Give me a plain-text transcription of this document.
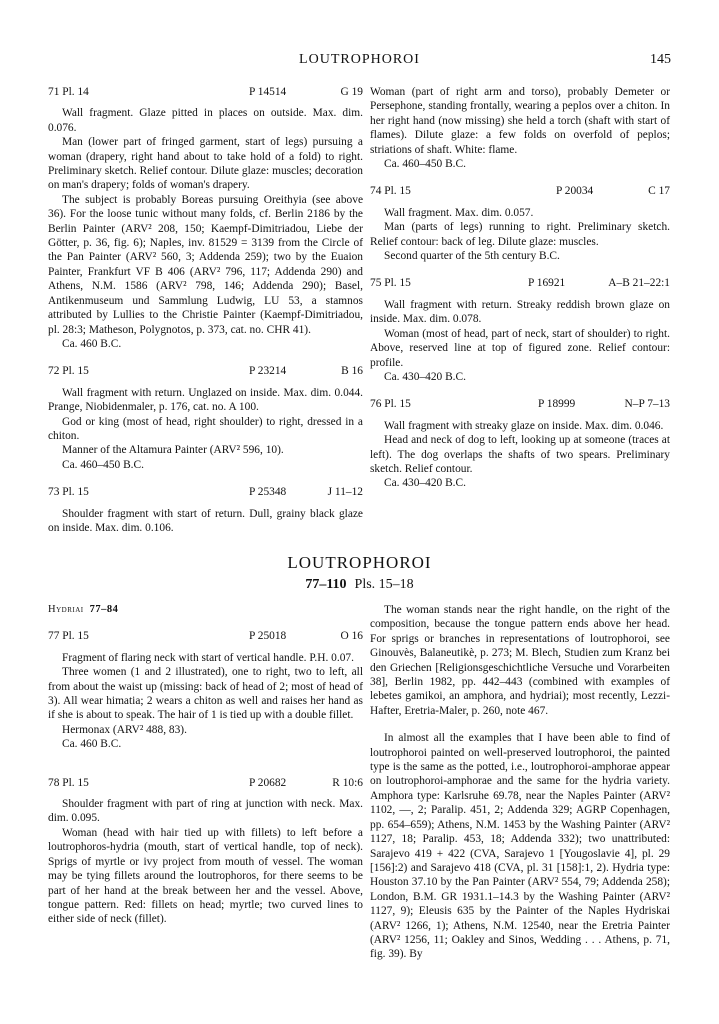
LOUTROPHOROI	145
71 Pl. 14	P 14514	G 19

Wall fragment. Glaze pitted in places on outside. Max. dim. 0.076.

Man (lower part of fringed garment, start of legs) pursuing a woman (drapery, right hand about to take hold of a fold) to right. Preliminary sketch. Relief contour. Dilute glaze: muscles; decoration on man's drapery; folds of woman's drapery.

The subject is probably Boreas pursuing Oreithyia (see above 36). For the loose tunic without many folds, cf. Berlin 2186 by the Berlin Painter (ARV² 208, 150; Kaempf-Dimitriadou, Liebe der Götter, p. 36, fig. 6); Naples, inv. 81529 = 3139 from the Circle of the Pan Painter (ARV² 560, 3; Addenda 259); two by the Euaion Painter, Frankfurt VF B 406 (ARV² 796, 117; Addenda 290) and Athens, N.M. 1586 (ARV² 798, 146; Addenda 290); Basel, Antikenmuseum und Sammlung Ludwig, LU 53, a stamnos attributed by Lullies to the Christie Painter (Kaempf-Dimitriadou, pl. 28:3; Matheson, Polygnotos, p. 373, cat. no. CHR 41).

Ca. 460 B.C.

72 Pl. 15	P 23214	B 16

Wall fragment with return. Unglazed on inside. Max. dim. 0.044. Prange, Niobidenmaler, p. 176, cat. no. A 100.

God or king (most of head, right shoulder) to right, dressed in a chiton.

Manner of the Altamura Painter (ARV² 596, 10).

Ca. 460–450 B.C.

73 Pl. 15	P 25348	J 11–12

Shoulder fragment with start of return. Dull, grainy black glaze on inside. Max. dim. 0.106.

Woman (part of right arm and torso), probably Demeter or Persephone, standing frontally, wearing a peplos over a chiton. In her right hand (now missing) she held a torch (shaft with start of flames). Dilute glaze: a few folds on overfold of peplos; striations of shaft. White: flame.

Ca. 460–450 B.C.

74 Pl. 15	P 20034	C 17

Wall fragment. Max. dim. 0.057.

Man (parts of legs) running to right. Preliminary sketch. Relief contour: back of leg. Dilute glaze: muscles.

Second quarter of the 5th century B.C.

75 Pl. 15	P 16921	A–B 21–22:1

Wall fragment with return. Streaky reddish brown glaze on inside. Max. dim. 0.078.

Woman (most of head, part of neck, start of shoulder) to right. Above, reserved line at top of figured zone. Relief contour: profile.

Ca. 430–420 B.C.

76 Pl. 15	P 18999	N–P 7–13

Wall fragment with streaky glaze on inside. Max. dim. 0.046.

Head and neck of dog to left, looking up at someone (traces at left). The dog overlaps the shafts of two spears. Preliminary sketch. Relief contour.

Ca. 430–420 B.C.

LOUTROPHOROI
77–110 Pls. 15–18
Hydriai 77–84
77 Pl. 15	P 25018	O 16

Fragment of flaring neck with start of vertical handle. P.H. 0.07.

Three women (1 and 2 illustrated), one to right, two to left, all from about the waist up (missing: back of head of 2; most of head of 3). All wear himatia; 2 wears a chiton as well and raises her hand as if she is about to speak. The hair of 1 is tied up with a double fillet.

Hermonax (ARV² 488, 83).

Ca. 460 B.C.

78 Pl. 15	P 20682	R 10:6

Shoulder fragment with part of ring at junction with neck. Max. dim. 0.095.

Woman (head with hair tied up with fillets) to left before a loutrophoros-hydria (mouth, start of vertical handle, top of neck). Sprigs of myrtle or ivy project from mouth of vessel. The woman may be tying fillets around the loutrophoros, for there seems to be part of her hand at the break between her and the vessel. Above, tongue pattern. Red: fillets on head; myrtle; two curved lines to either side of neck (fillet).

The woman stands near the right handle, on the right of the composition, because the tongue pattern ends above her head. For sprigs or branches in representations of loutrophoroi, see Ginouvès, Balaneutikè, p. 273; M. Blech, Studien zum Kranz bei den Griechen [Religionsgeschichtliche Versuche und Vorarbeiten 38], Berlin 1982, pp. 442–443 (combined with examples of lebetes gamikoi, an amphora, and hydriai); most recently, Lezzi-Hafter, Eretria-Maler, p. 260, note 467.

In almost all the examples that I have been able to find of loutrophoroi painted on well-preserved loutrophoroi, the painted type is the same as the potted, i.e., loutrophoroi-amphorae appear on loutrophoroi-amphorae and the same for the hydria variety. Amphora type: Karlsruhe 69.78, near the Naples Painter (ARV² 1102, —, 2; Paralip. 451, 2; Addenda 329; AGRP Copenhagen, pp. 654–659); Athens, N.M. 1453 by the Washing Painter (ARV² 1127, 18; Paralip. 453, 18; Addenda 332); two unattributed: Sarajevo 419 + 422 (CVA, Sarajevo 1 [Yougoslavie 4], pl. 29 [156]:2) and Sarajevo 418 (CVA, pl. 31 [158]:1, 2). Hydria type: Houston 37.10 by the Pan Painter (ARV² 554, 79; Addenda 258); London, B.M. GR 1931.1–14.3 by the Washing Painter (ARV² 1127, 9); Eleusis 635 by the Painter of the Naples Hydriskai (ARV² 1266, 1); Athens, N.M. 12540, near the Eretria Painter (ARV² 1256, 11; Oakley and Sinos, Wedding . . . Athens, p. 71, fig. 39). By
